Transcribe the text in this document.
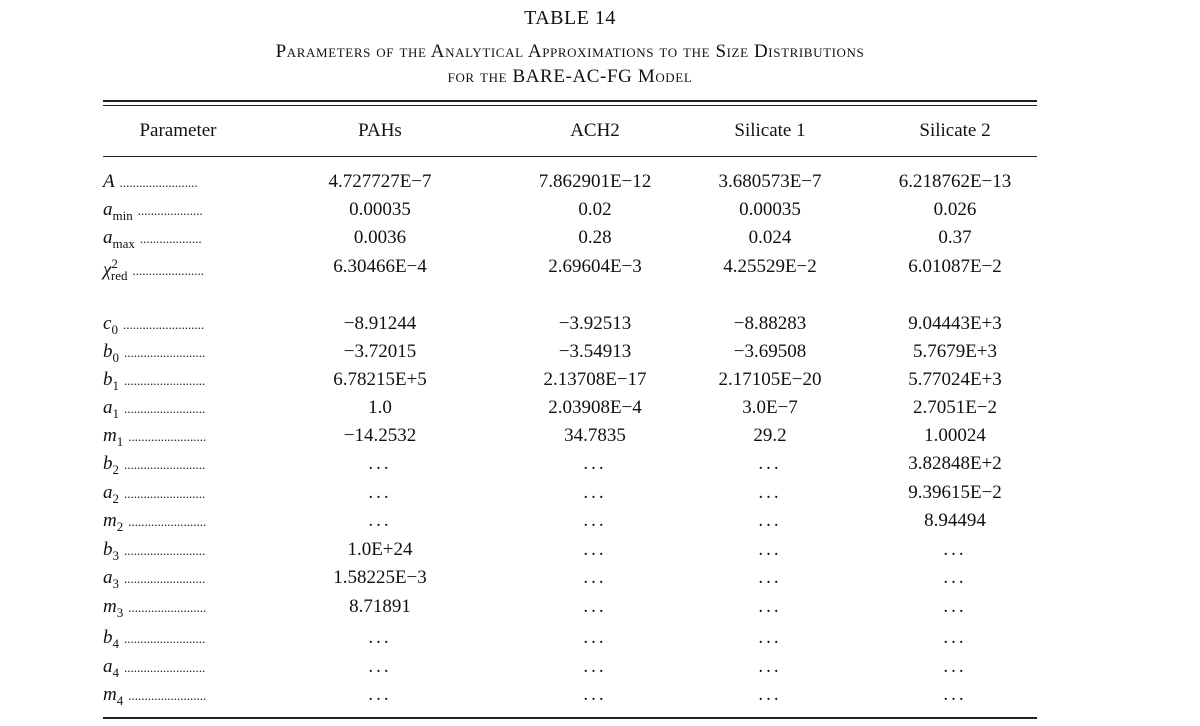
TABLE 14
Parameters of the Analytical Approximations to the Size Distributions
for the BARE-AC-FG Model
Parameter	PAHs	ACH2	Silicate 1	Silicate 2
A ........................	4.727727E−7	7.862901E−12	3.680573E−7	6.218762E−13
$a_{min}$ ....................	0.00035	0.02	0.00035	0.026
$a_{max}$ ...................	0.0036	0.28	0.024	0.37
$\chi^2_{red}$ ......................	6.30466E−4	2.69604E−3	4.25529E−2	6.01087E−2
$c_0$ .........................	−8.91244	−3.92513	−8.88283	9.04443E+3
$b_0$ .........................	−3.72015	−3.54913	−3.69508	5.7679E+3
$b_1$ .........................	6.78215E+5	2.13708E−17	2.17105E−20	5.77024E+3
$a_1$ .........................	1.0	2.03908E−4	3.0E−7	2.7051E−2
$m_1$ ........................	−14.2532	34.7835	29.2	1.00024
$b_2$ .........................	...	...	...	3.82848E+2
$a_2$ .........................	...	...	...	9.39615E−2
$m_2$ ........................	...	...	...	8.94494
$b_3$ .........................	1.0E+24	...	...	...
$a_3$ .........................	1.58225E−3	...	...	...
$m_3$ ........................	8.71891	...	...	...
$b_4$ .........................	...	...	...	...
$a_4$ .........................	...	...	...	...
$m_4$ ........................	...	...	...	...
